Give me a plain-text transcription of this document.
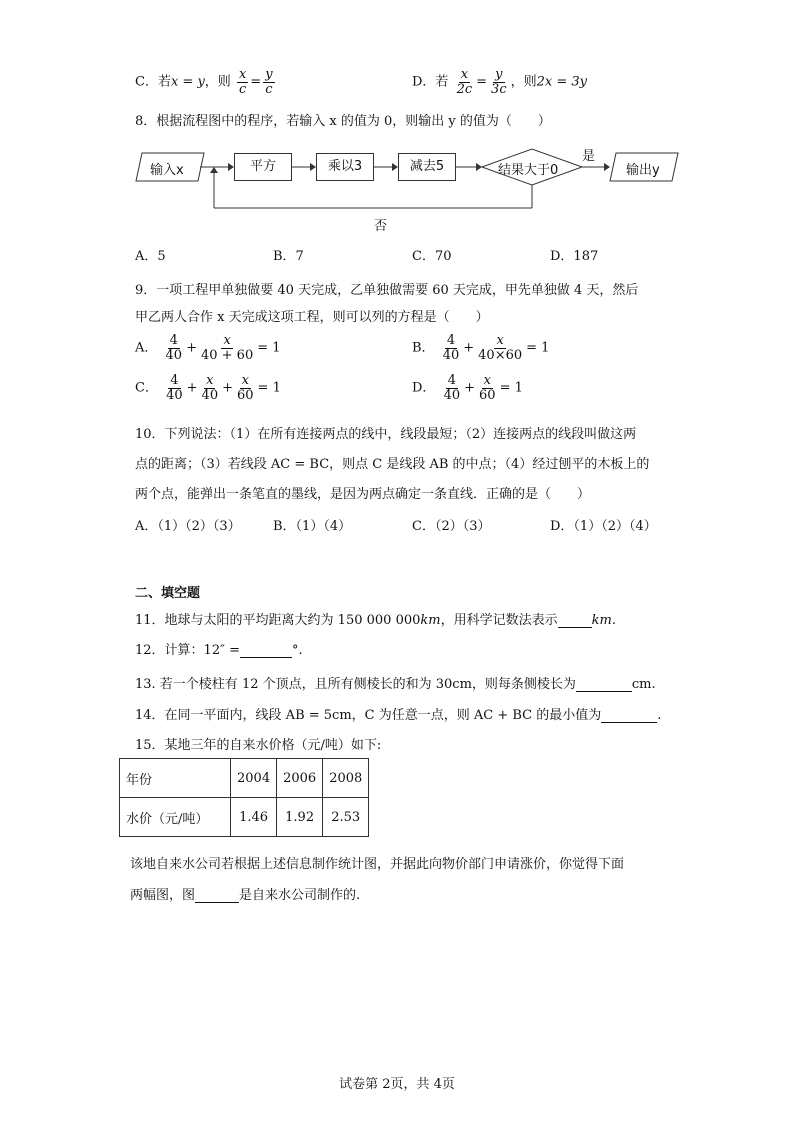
C．若x = y，则 $\frac{x}{c} = \frac{y}{c}$	D．若 $\frac{x}{2c} = \frac{y}{3c}$ ，则2x = 3y
8．根据流程图中的程序，若输入 x 的值为 0，则输出 y 的值为（　　）
输入x	平方	乘以3	减去5	结果大于0
是
输出y
否
A．5	B．7	C．70	D．187
9．一项工程甲单独做要 40 天完成，乙单独做需要 60 天完成，甲先单独做 4 天，然后
甲乙两人合作 x 天完成这项工程，则可以列的方程是（　　）
A． $\frac{4}{40} + \frac{x}{40 + 60} = 1$	B． $\frac{4}{40} + \frac{x}{40\times 60} = 1$
C． $\frac{4}{40} + \frac{x}{40} + \frac{x}{60} = 1$	D． $\frac{4}{40} + \frac{x}{60} = 1$
10．下列说法：（1）在所有连接两点的线中，线段最短；（2）连接两点的线段叫做这两
点的距离；（3）若线段 AC = BC，则点 C 是线段 AB 的中点；（4）经过刨平的木板上的
两个点，能弹出一条笔直的墨线，是因为两点确定一条直线．正确的是（　　）
A．（1）（2）（3） B．（1）（4）	C．（2）（3）	D．（1）（2）（4）
二、填空题
11．地球与太阳的平均距离大约为 150 000 000km，用科学记数法表示	km.
12．计算：12″ =	°.
13. 若一个棱柱有 12 个顶点，且所有侧棱长的和为 30cm，则每条侧棱长为	cm.
14．在同一平面内，线段 AB = 5cm，C 为任意一点，则 AC + BC 的最小值为	.
15．某地三年的自来水价格（元/吨）如下:
年份	2004	2006	2008
水价（元/吨）	1.46	1.92	2.53
该地自来水公司若根据上述信息制作统计图，并据此向物价部门申请涨价，你觉得下面
两幅图，图	是自来水公司制作的.
试卷第 2页，共 4页
